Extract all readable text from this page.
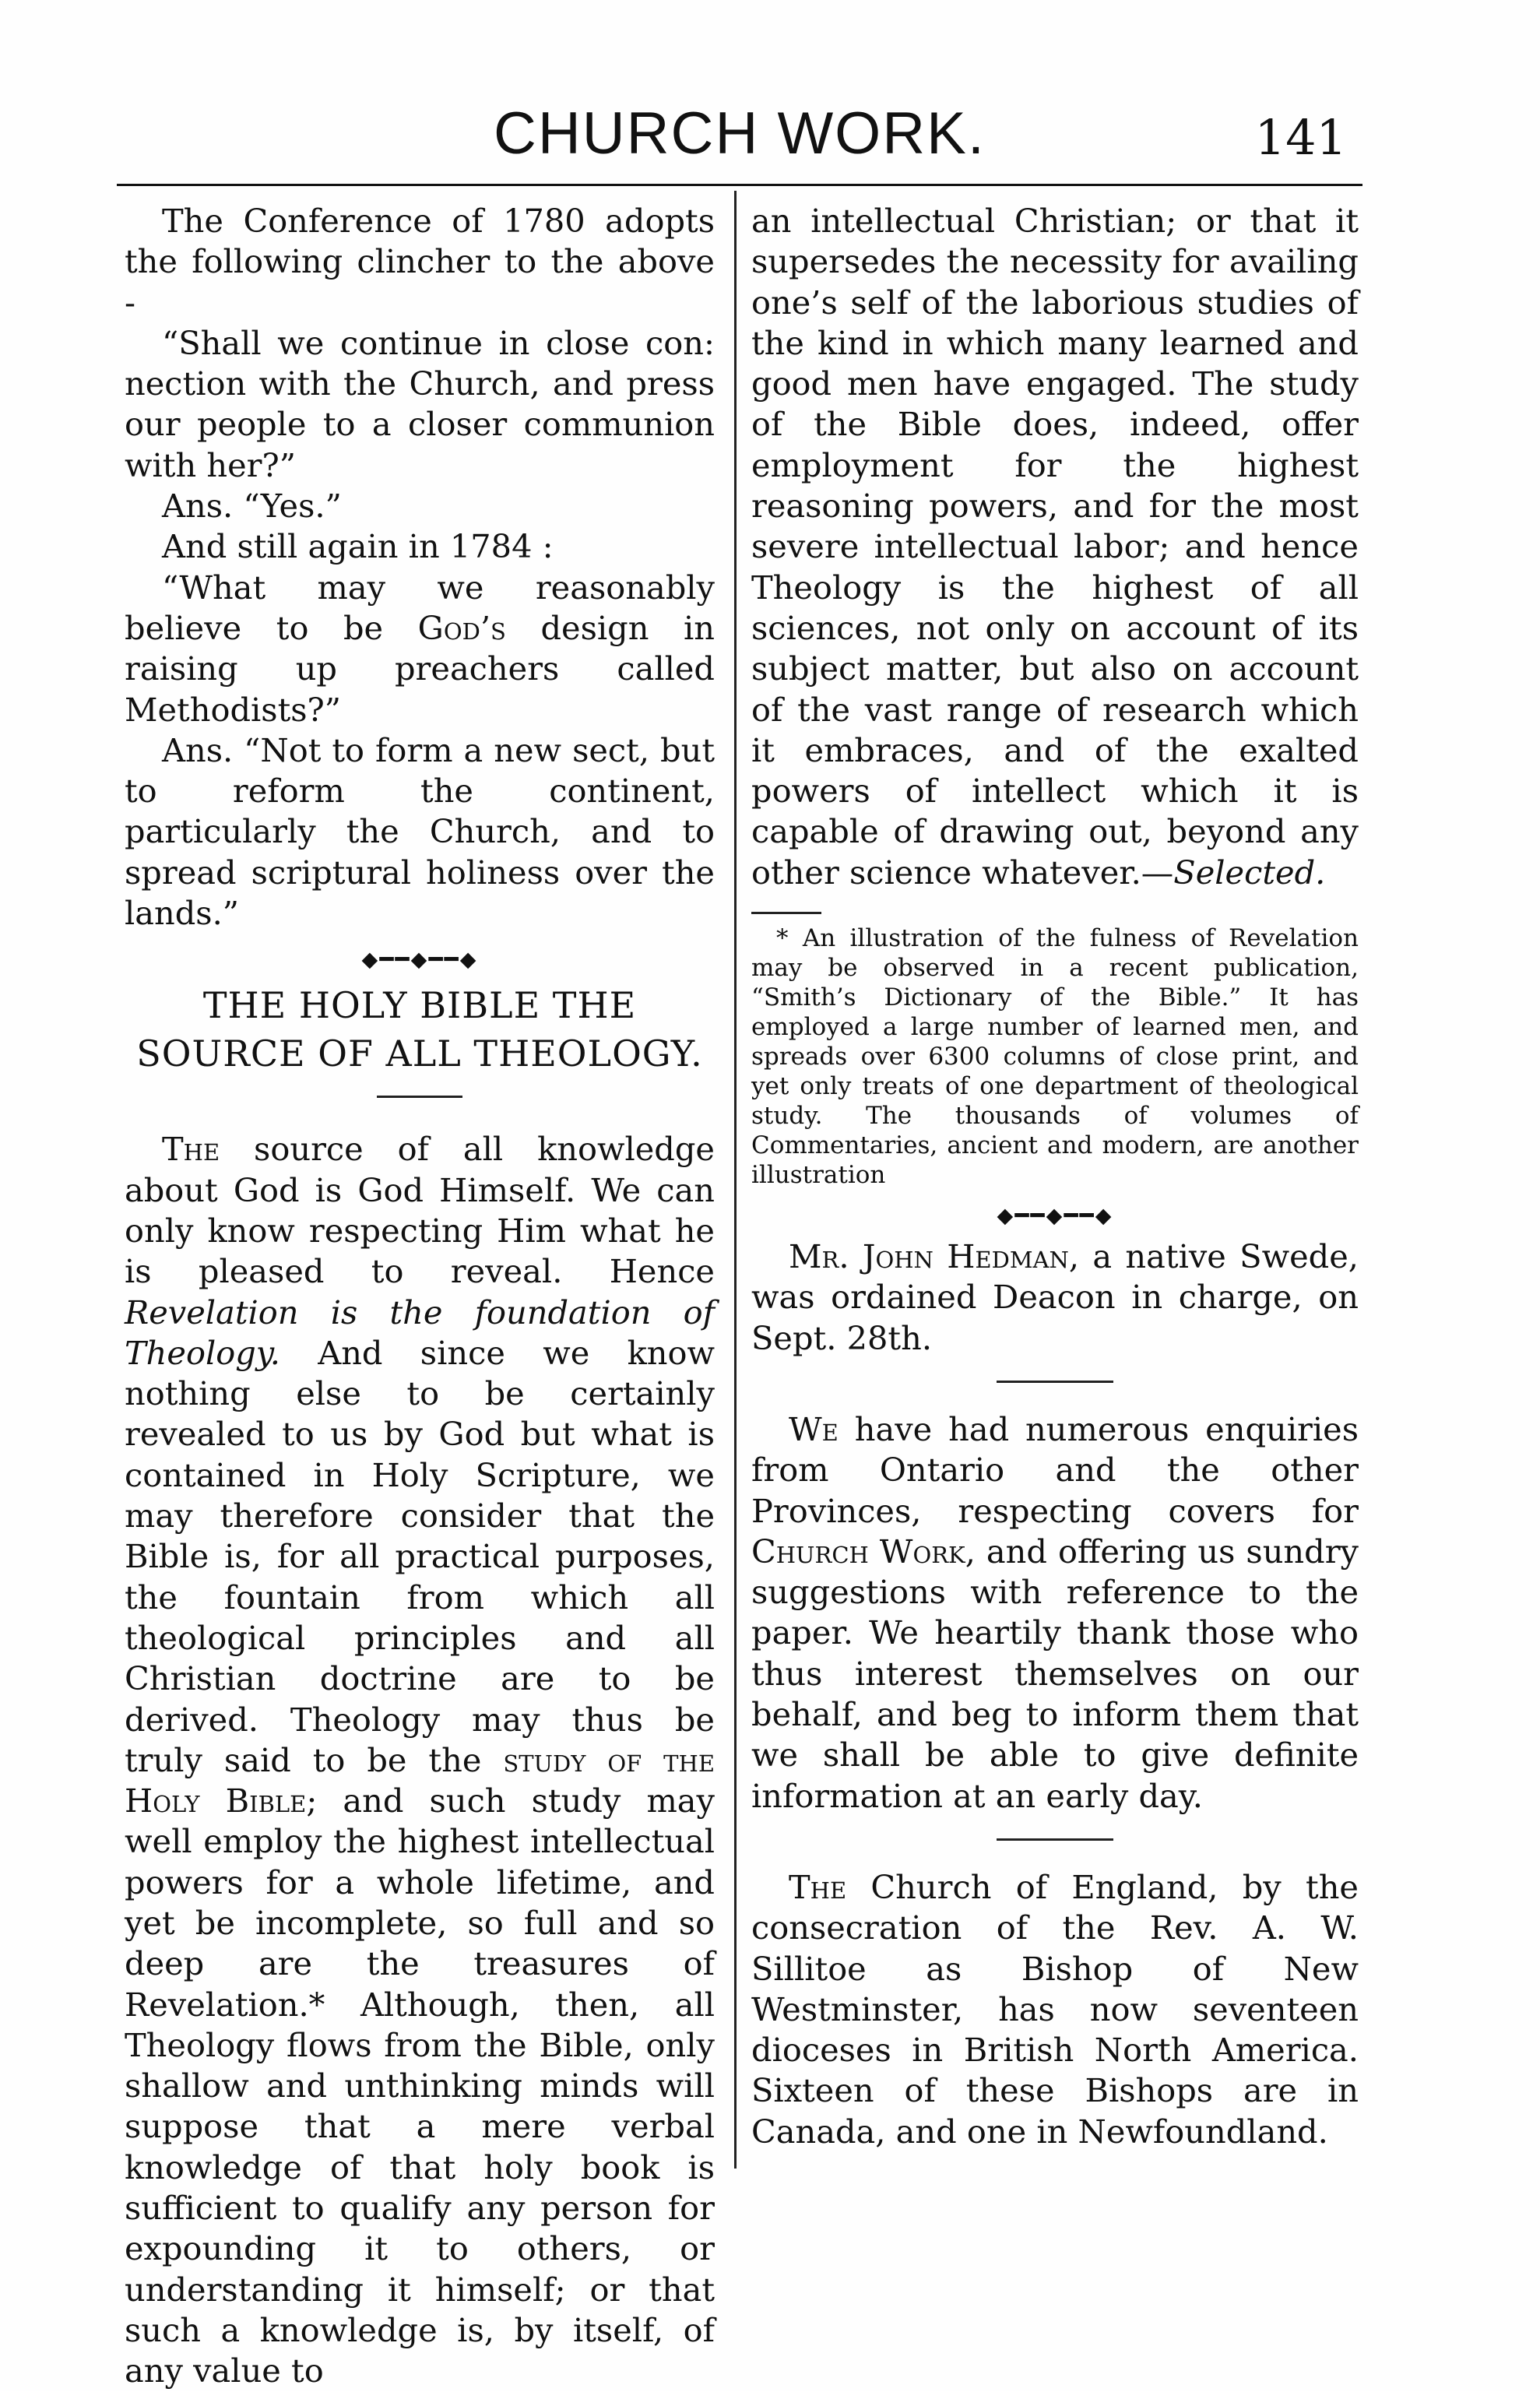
CHURCH WORK.	141

The Conference of 1780 adopts the following clincher to the above -

“Shall we continue in close con: nection with the Church, and press our people to a closer communion with her?”

Ans. “Yes.”

And still again in 1784 :

“What may we reasonably believe to be God’s design in raising up preachers called Methodists?”

Ans. “Not to form a new sect, but to reform the continent, particularly the Church, and to spread scriptural holiness over the lands.”

⬥━━⬥━━⬥
THE HOLY BIBLE THE
SOURCE OF ALL THEOLOGY.

The source of all knowledge about God is God Himself. We can only know respecting Him what he is pleased to reveal. Hence Revelation is the foundation of Theology. And since we know nothing else to be certainly revealed to us by God but what is contained in Holy Scripture, we may therefore consider that the Bible is, for all practical purposes, the fountain from which all theological principles and all Christian doctrine are to be derived. Theology may thus be truly said to be the study of the Holy Bible; and such study may well employ the highest intellectual powers for a whole lifetime, and yet be incomplete, so full and so deep are the treasures of Revelation.* Although, then, all Theology flows from the Bible, only shallow and unthinking minds will suppose that a mere verbal knowledge of that holy book is sufficient to qualify any person for expounding it to others, or understanding it himself; or that such a knowledge is, by itself, of any value to

an intellectual Christian; or that it supersedes the necessity for availing one’s self of the laborious studies of the kind in which many learned and good men have engaged. The study of the Bible does, indeed, offer employment for the highest reasoning powers, and for the most severe intellectual labor; and hence Theology is the highest of all sciences, not only on account of its subject matter, but also on account of the vast range of research which it embraces, and of the exalted powers of intellect which it is capable of drawing out, beyond any other science whatever.—Selected.

* An illustration of the fulness of Revelation may be observed in a recent publication, “Smith’s Dictionary of the Bible.” It has employed a large number of learned men, and spreads over 6300 columns of close print, and yet only treats of one department of theological study. The thousands of volumes of Commentaries, ancient and modern, are another illustration

⬥━━⬥━━⬥

Mr. John Hedman, a native Swede, was ordained Deacon in charge, on Sept. 28th.

We have had numerous enquiries from Ontario and the other Provinces, respecting covers for Church Work, and offering us sundry suggestions with reference to the paper. We heartily thank those who thus interest themselves on our behalf, and beg to inform them that we shall be able to give definite information at an early day.

The Church of England, by the consecration of the Rev. A. W. Sillitoe as Bishop of New Westminster, has now seventeen dioceses in British North America. Sixteen of these Bishops are in Canada, and one in Newfoundland.
